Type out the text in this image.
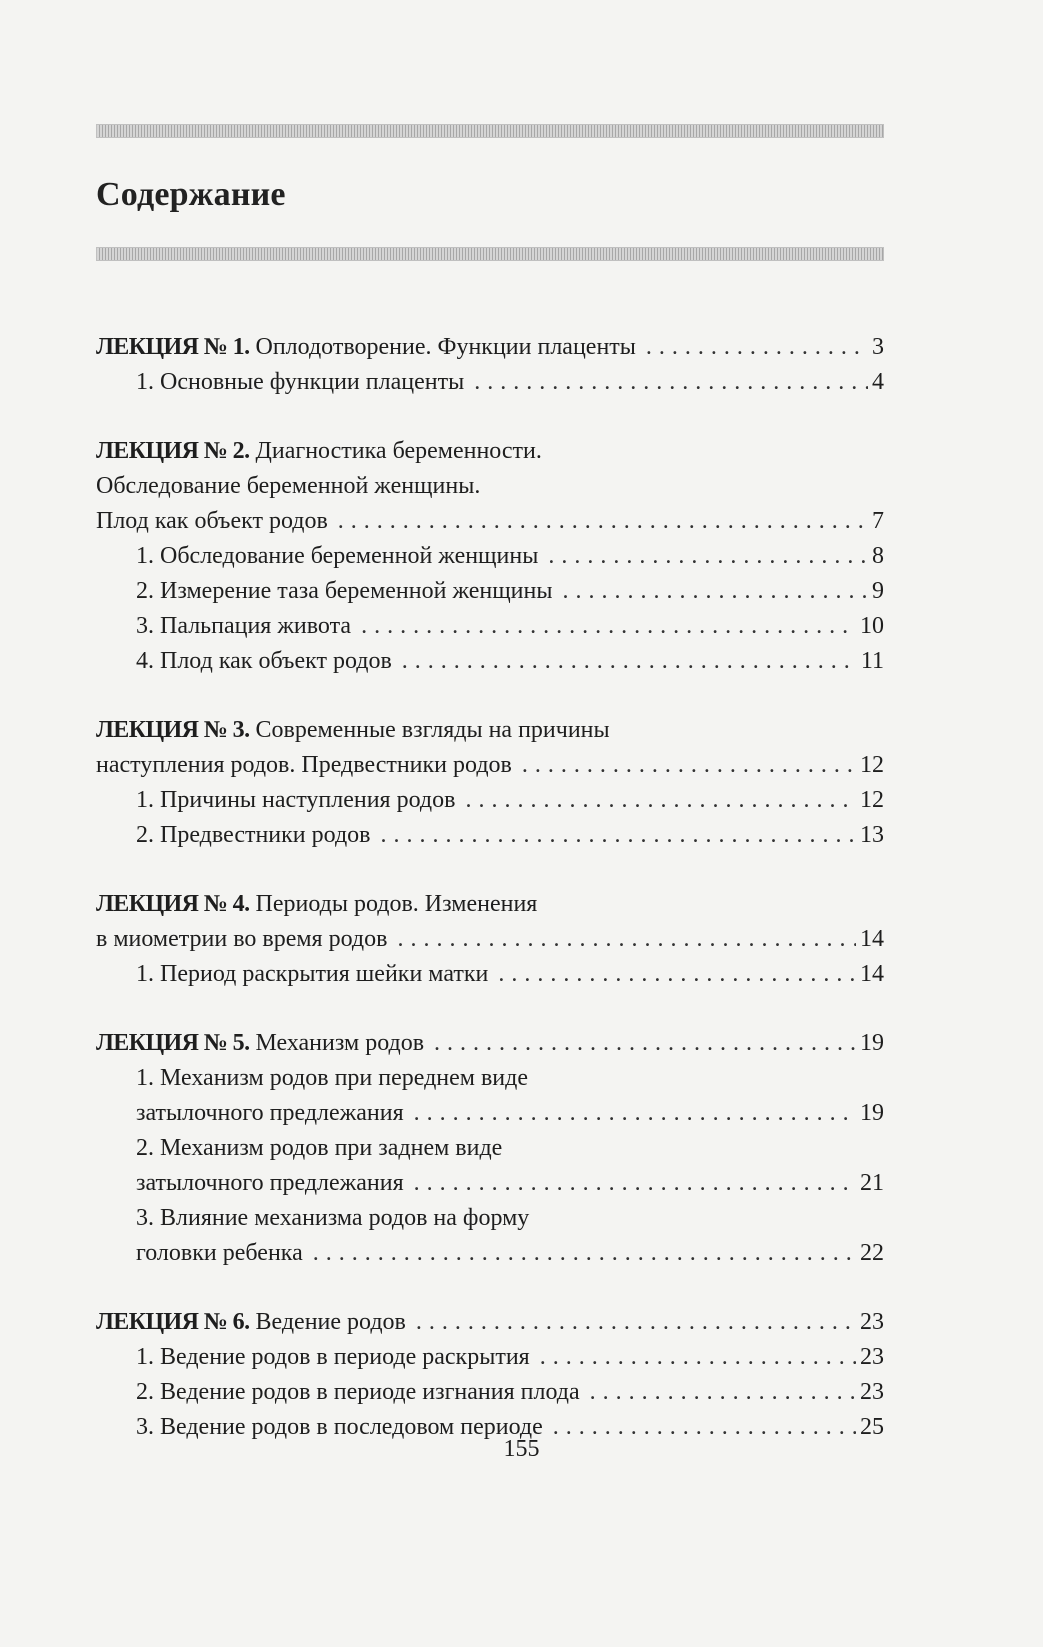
Содержание
ЛЕКЦИЯ № 1. Оплодотворение. Функции плаценты . . .	3
1. Основные функции плаценты . . .	4
ЛЕКЦИЯ № 2. Диагностика беременности.
Обследование беременной женщины.
Плод как объект родов . . .	7
1. Обследование беременной женщины . . .	8
2. Измерение таза беременной женщины . . .	9
3. Пальпация живота . . .	10
4. Плод как объект родов . . .	11
ЛЕКЦИЯ № 3. Современные взгляды на причины
наступления родов. Предвестники родов . . .	12
1. Причины наступления родов . . .	12
2. Предвестники родов . . .	13
ЛЕКЦИЯ № 4. Периоды родов. Изменения
в миометрии во время родов . . .	14
1. Период раскрытия шейки матки . . .	14
ЛЕКЦИЯ № 5. Механизм родов . . .	19
1. Механизм родов при переднем виде
затылочного предлежания . . .	19
2. Механизм родов при заднем виде
затылочного предлежания . . .	21
3. Влияние механизма родов на форму
головки ребенка . . .	22
ЛЕКЦИЯ № 6. Ведение родов . . .	23
1. Ведение родов в периоде раскрытия . . .	23
2. Ведение родов в периоде изгнания плода . . .	23
3. Ведение родов в последовом периоде . . .	25
155
